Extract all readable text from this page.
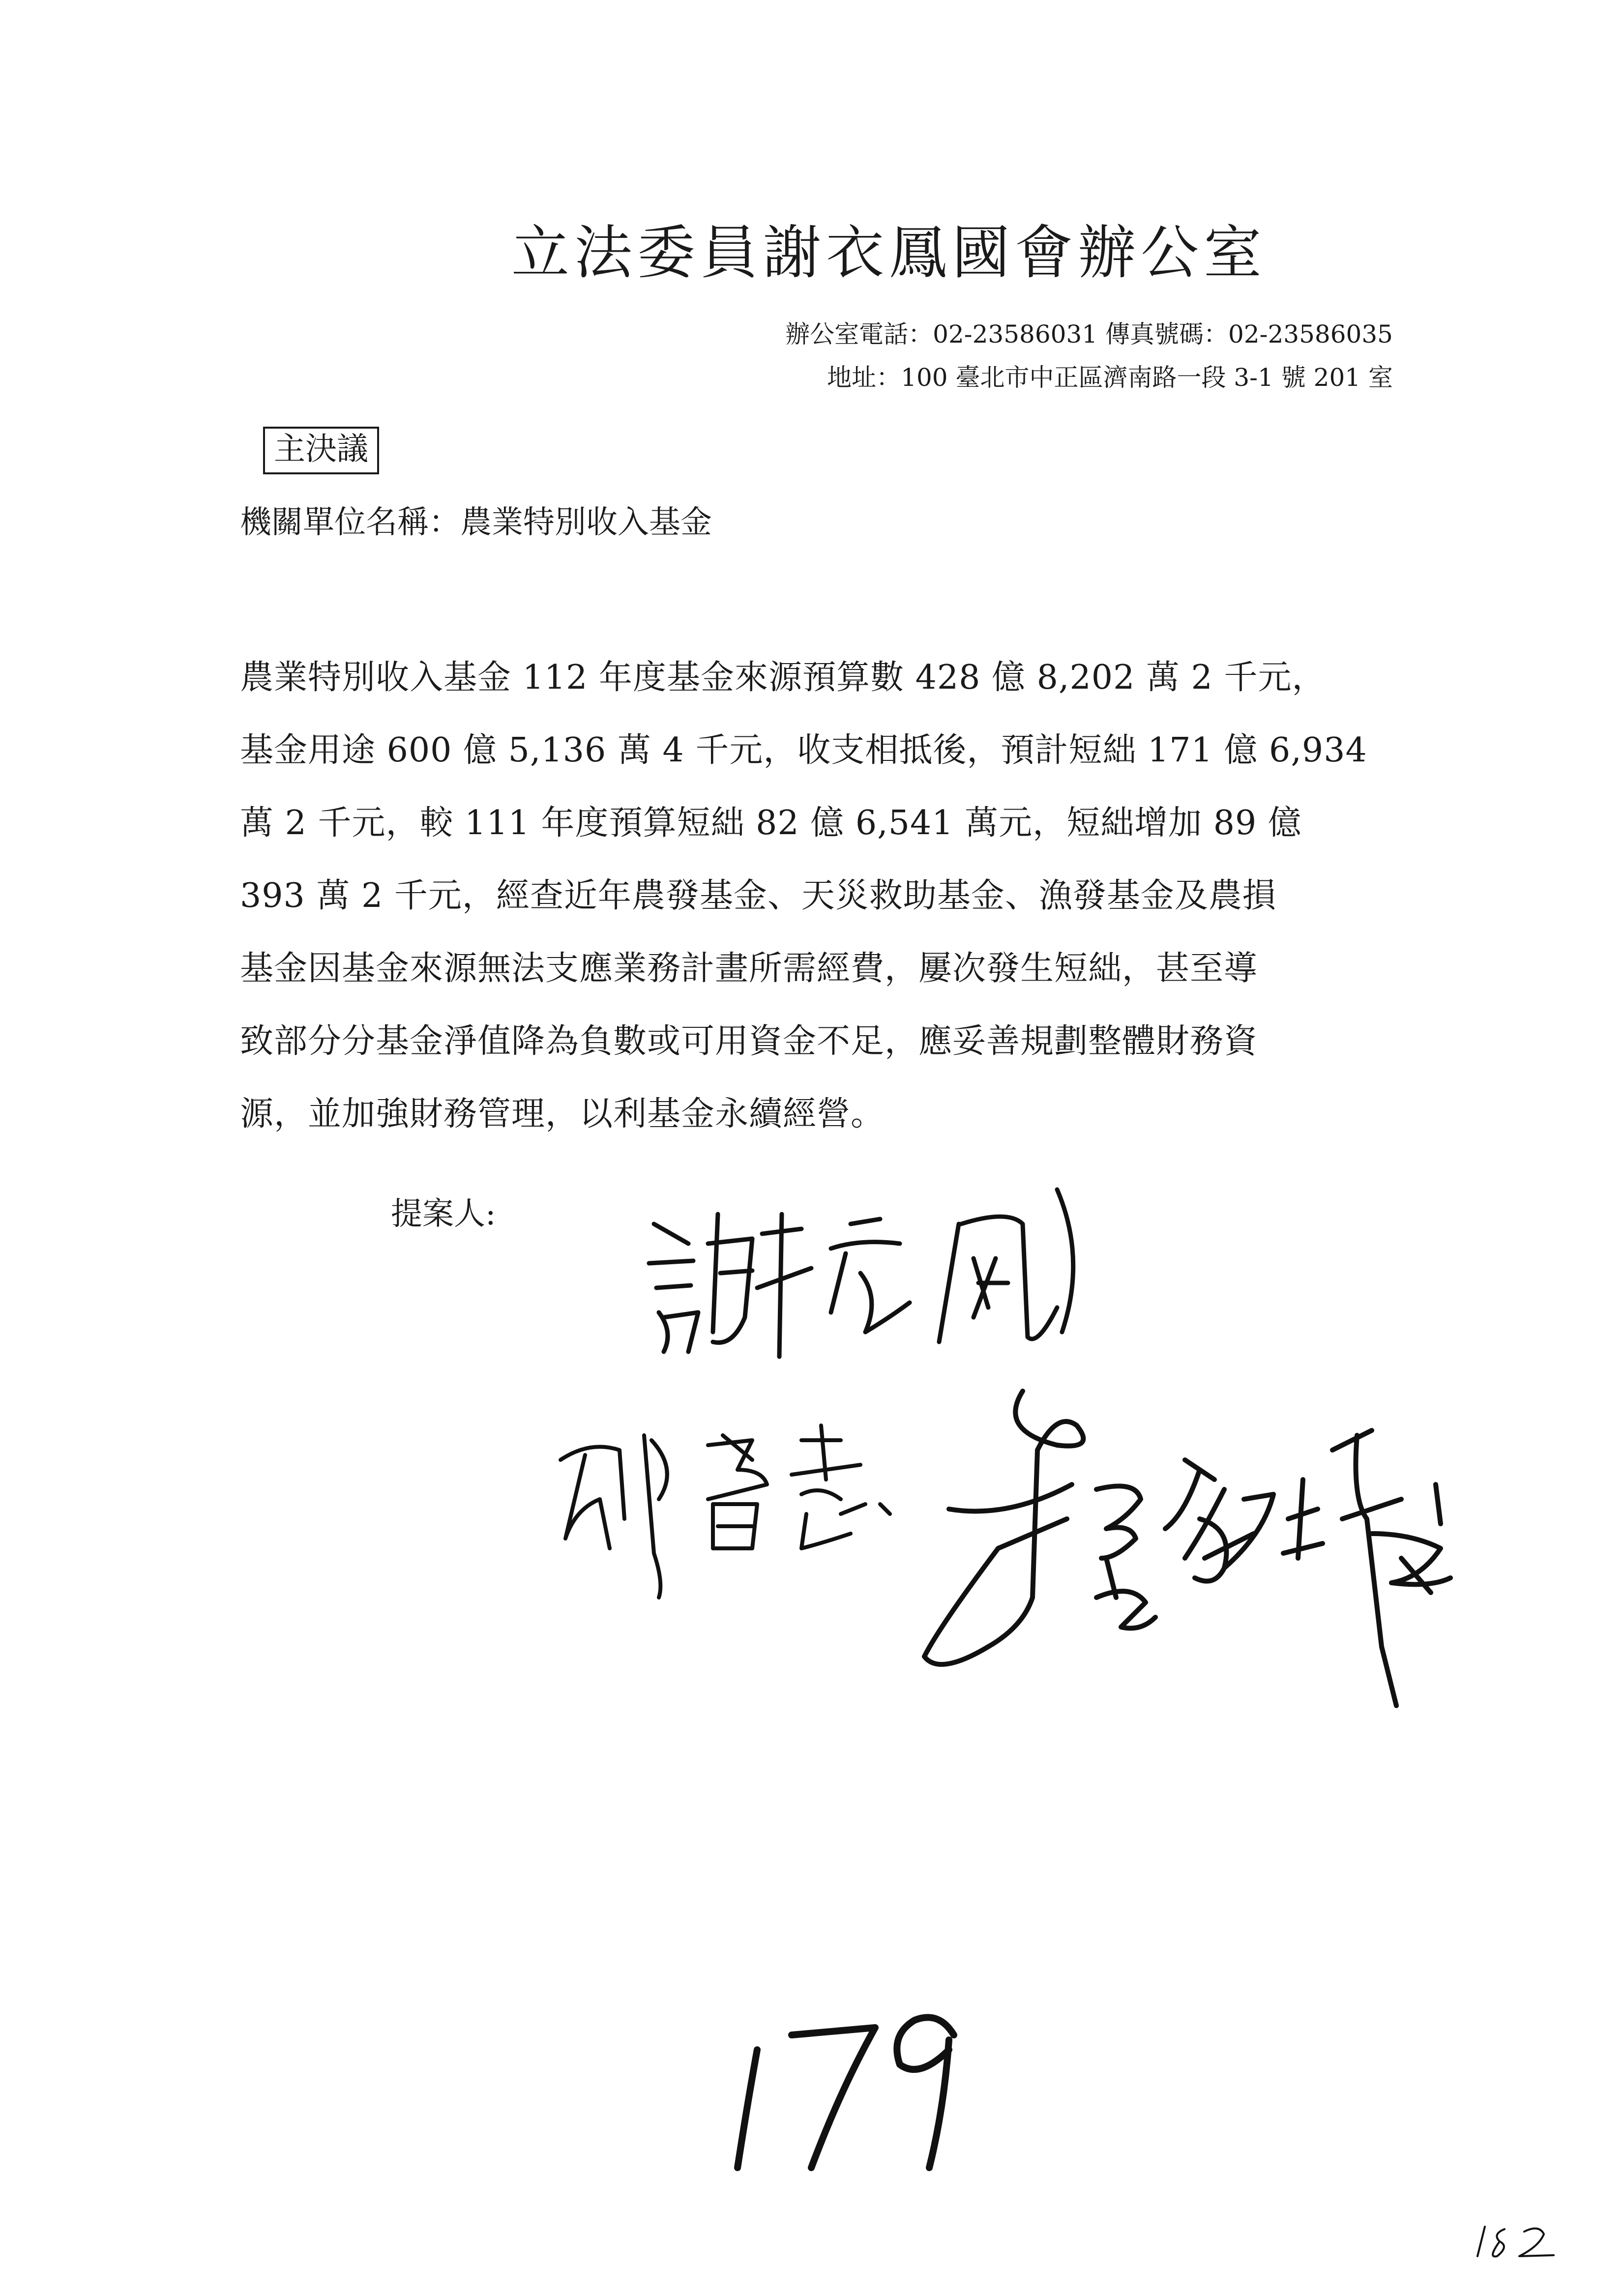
立法委員謝衣鳳國會辦公室
辦公室電話：02-23586031 傳真號碼：02-23586035
地址：100 臺北市中正區濟南路一段 3-1 號 201 室
主決議
機關單位名稱：農業特別收入基金
農業特別收入基金 112 年度基金來源預算數 428 億 8,202 萬 2 千元，
基金用途 600 億 5,136 萬 4 千元，收支相抵後，預計短絀 171 億 6,934
萬 2 千元，較 111 年度預算短絀 82 億 6,541 萬元，短絀增加 89 億
393 萬 2 千元，經查近年農發基金、天災救助基金、漁發基金及農損
基金因基金來源無法支應業務計畫所需經費，屢次發生短絀，甚至導
致部分分基金淨值降為負數或可用資金不足，應妥善規劃整體財務資
源，並加強財務管理，以利基金永續經營。
提案人:
